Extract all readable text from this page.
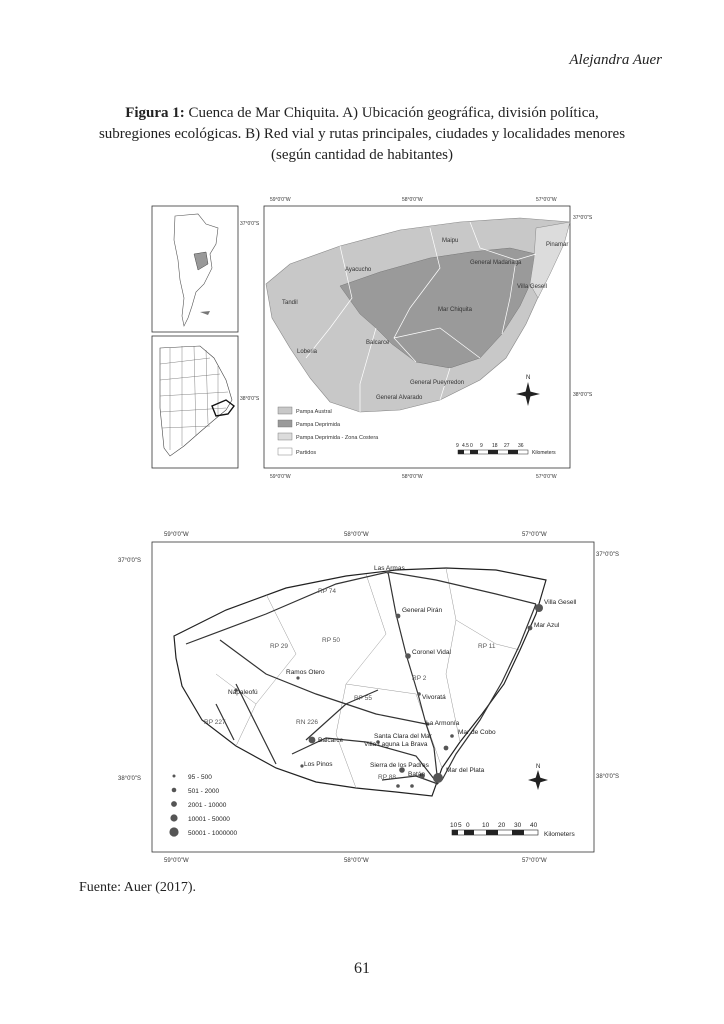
Alejandra Auer
Figura 1: Cuenca de Mar Chiquita. A) Ubicación geográfica, división política,
subregiones ecológicas. B) Red vial y rutas principales, ciudades y localidades menores
(según cantidad de habitantes)
59°0'0"W	58°0'0"W	57°0'0"W
59°0'0"W	58°0'0"W	57°0'0"W
37°0'0"S
38°0'0"S
37°0'0"S
38°0'0"S
Maipu
Pinamar
General Madariaga
Ayacucho
Villa Gesell
Tandil
Mar Chiquita
Balcarce
Loberia
General Pueyrredon
General Alvarado
Pampa Austral
Pampa Deprimida
Pampa Deprimida - Zona Costera
Partidos
N
9 4.5 0 9 18 27 36
Kilometers
59°0'0"W	58°0'0"W	57°0'0"W
59°0'0"W	58°0'0"W	57°0'0"W
37°0'0"S
38°0'0"S
37°0'0"S
38°0'0"S
RP 74
RP 29
RP 50
RP 11
RP 2
RP 55
RP 227	RN 226
RP 88
Las Armas
General Pirán
Villa Gesell
Mar Azul
Coronel Vidal
Ramos Otero
Vivoratá
Napaleofú
La Armonía
Mar de Cobo
Santa Clara del Mar
Balcarce
Villa Laguna La Brava
Los Pinos	Sierra de los Padres
Batán
Mar del Plata
95 - 500
501 - 2000
2001 - 10000
10001 - 50000
50001 - 1000000
N
10 5 0 10 20 30 40
Kilometers
Fuente: Auer (2017).
61
